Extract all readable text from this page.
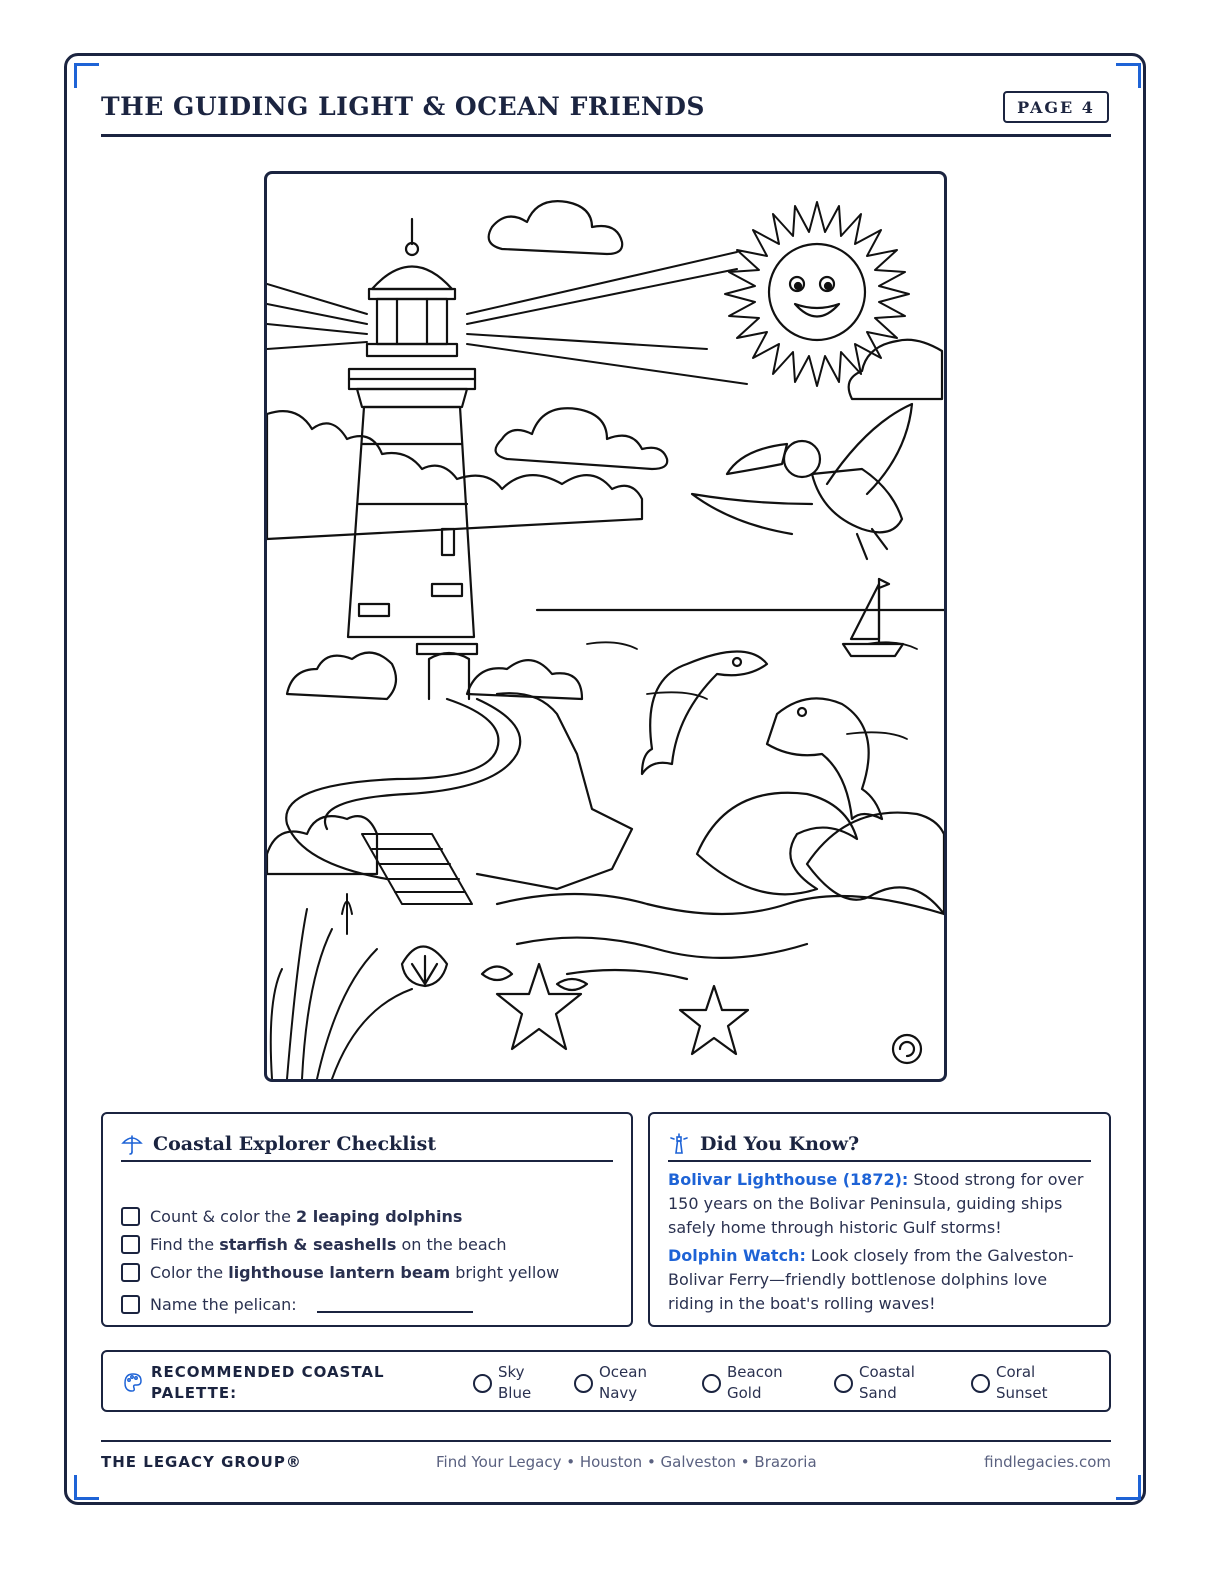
THE GUIDING LIGHT & OCEAN FRIENDS	PAGE 4
Coastal Explorer Checklist
Count & color the 2 leaping dolphins
Find the starfish & seashells on the beach
Color the lighthouse lantern beam bright yellow
Name the pelican:
Did You Know?

Bolivar Lighthouse (1872): Stood strong for over 150 years on the Bolivar Peninsula, guiding ships safely home through historic Gulf storms!

Dolphin Watch: Look closely from the Galveston-Bolivar Ferry—friendly bottlenose dolphins love riding in the boat's rolling waves!

RECOMMENDED COASTAL
PALETTE:
Sky
Blue
Ocean
Navy
Beacon
Gold
Coastal
Sand
Coral
Sunset
THE LEGACY GROUP®	Find Your Legacy • Houston • Galveston • Brazoria	findlegacies.com
